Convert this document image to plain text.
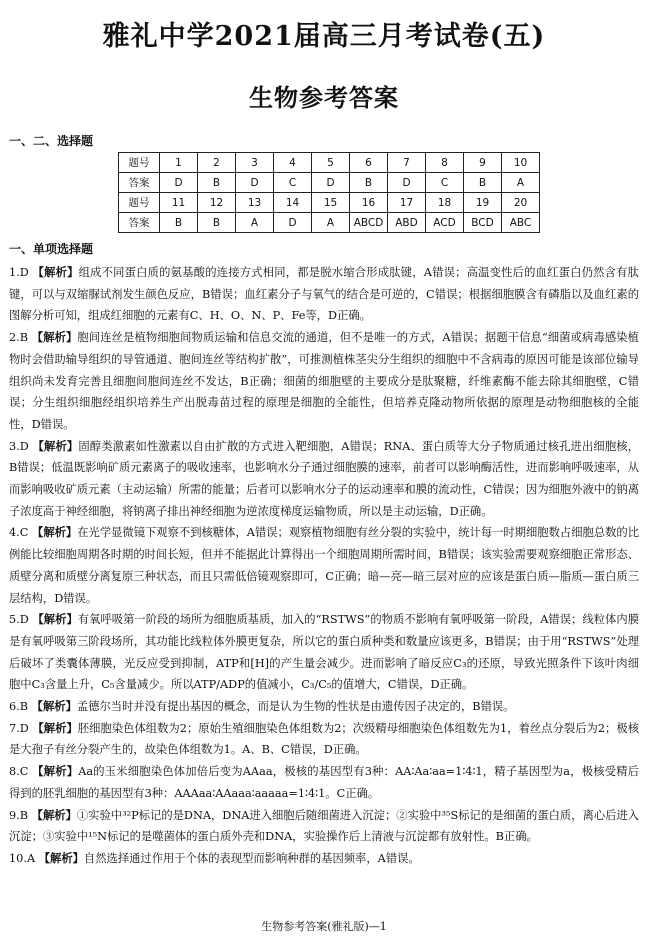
雅礼中学2021届高三月考试卷(五)
生物参考答案
一、二、选择题
题号	1	2	3	4	5	6	7	8	9	10
答案	D	B	D	C	D	B	D	C	B	A
题号	11	12	13	14	15	16	17	18	19	20
答案	B	B	A	D	A	ABCD	ABD	ACD	BCD	ABC
一、单项选择题

1.D 【解析】组成不同蛋白质的氨基酸的连接方式相同，都是脱水缩合形成肽键，A错误；高温变性后的血红蛋白仍然含有肽键，可以与双缩脲试剂发生颜色反应，B错误；血红素分子与氧气的结合是可逆的，C错误；根据细胞膜含有磷脂以及血红素的图解分析可知，组成红细胞的元素有C、H、O、N、P、Fe等，D正确。

2.B 【解析】胞间连丝是植物细胞间物质运输和信息交流的通道，但不是唯一的方式，A错误；据题干信息“细菌或病毒感染植物时会借助输导组织的导管通道、胞间连丝等结构扩散”，可推测植株茎尖分生组织的细胞中不含病毒的原因可能是该部位输导组织尚未发育完善且细胞间胞间连丝不发达，B正确；细菌的细胞壁的主要成分是肽聚糖，纤维素酶不能去除其细胞壁，C错误；分生组织细胞经组织培养生产出脱毒苗过程的原理是细胞的全能性，但培养克隆动物所依据的原理是动物细胞核的全能性，D错误。

3.D 【解析】固醇类激素如性激素以自由扩散的方式进入靶细胞，A错误；RNA、蛋白质等大分子物质通过核孔进出细胞核，B错误；低温既影响矿质元素离子的吸收速率，也影响水分子通过细胞膜的速率，前者可以影响酶活性，进而影响呼吸速率，从而影响吸收矿质元素（主动运输）所需的能量；后者可以影响水分子的运动速率和膜的流动性，C错误；因为细胞外液中的钠离子浓度高于神经细胞，将钠离子排出神经细胞为逆浓度梯度运输物质，所以是主动运输，D正确。

4.C 【解析】在光学显微镜下观察不到核糖体，A错误；观察植物细胞有丝分裂的实验中，统计每一时期细胞数占细胞总数的比例能比较细胞周期各时期的时间长短，但并不能据此计算得出一个细胞周期所需时间，B错误；该实验需要观察细胞正常形态、质壁分离和质壁分离复原三种状态，而且只需低倍镜观察即可，C正确；暗—亮—暗三层对应的应该是蛋白质—脂质—蛋白质三层结构，D错误。

5.D 【解析】有氧呼吸第一阶段的场所为细胞质基质，加入的“RSTWS”的物质不影响有氧呼吸第一阶段，A错误；线粒体内膜是有氧呼吸第三阶段场所，其功能比线粒体外膜更复杂，所以它的蛋白质种类和数量应该更多，B错误；由于用“RSTWS”处理后破坏了类囊体薄膜，光反应受到抑制，ATP和[H]的产生量会减少。进而影响了暗反应C₃的还原，导致光照条件下该叶肉细胞中C₃含量上升，C₅含量减少。所以ATP/ADP的值减小，C₃/C₅的值增大，C错误，D正确。

6.B 【解析】孟德尔当时并没有提出基因的概念，而是认为生物的性状是由遗传因子决定的，B错误。

7.D 【解析】胚细胞染色体组数为2；原始生殖细胞染色体组数为2；次级精母细胞染色体组数先为1，着丝点分裂后为2；极核是大孢子有丝分裂产生的，故染色体组数为1。A、B、C错误，D正确。

8.C 【解析】Aa的玉米细胞染色体加倍后变为AAaa，极核的基因型有3种：AA∶Aa∶aa=1∶4∶1，精子基因型为a，极核受精后得到的胚乳细胞的基因型有3种：AAAaa∶AAaaa∶aaaaa=1∶4∶1。C正确。

9.B 【解析】①实验中³²P标记的是DNA，DNA进入细胞后随细菌进入沉淀；②实验中³⁵S标记的是细菌的蛋白质，离心后进入沉淀；③实验中¹⁵N标记的是噬菌体的蛋白质外壳和DNA，实验操作后上清液与沉淀都有放射性。B正确。

10.A 【解析】自然选择通过作用于个体的表现型而影响种群的基因频率，A错误。

生物参考答案(雅礼版)—1
